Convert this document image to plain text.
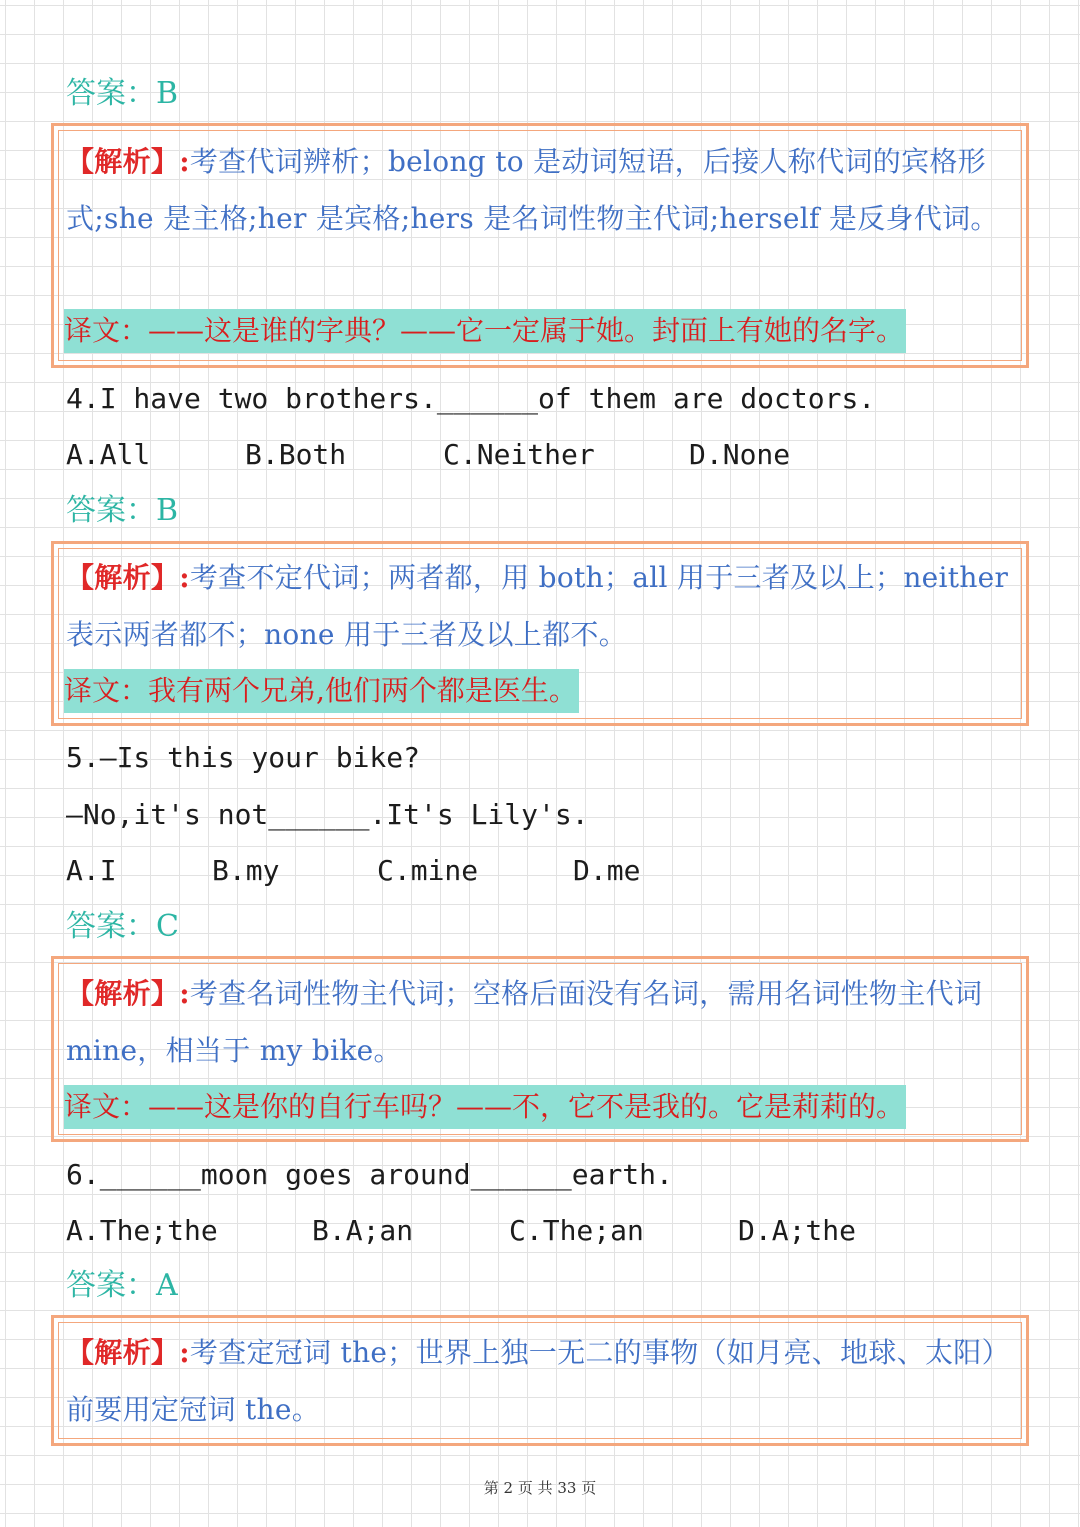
答案：B
【解析】:考查代词辨析；belong to 是动词短语，后接人称代词的宾格形式;she 是主格;her 是宾格;hers 是名词性物主代词;herself 是反身代词。
译文：——这是谁的字典？——它一定属于她。封面上有她的名字。
4.I have two brothers.______of them are doctors.
A.All	B.Both	C.Neither	D.None
答案：B
【解析】:考查不定代词；两者都，用 both；all 用于三者及以上；neither 表示两者都不；none 用于三者及以上都不。
译文：我有两个兄弟,他们两个都是医生。
5.—Is this your bike?
—No,it's not______.It's Lily's.
A.I	B.my	C.mine	D.me
答案：C
【解析】:考查名词性物主代词；空格后面没有名词，需用名词性物主代词 mine，相当于 my bike。
译文：——这是你的自行车吗？——不，它不是我的。它是莉莉的。
6.______moon goes around______earth.
A.The;the	B.A;an	C.The;an	D.A;the
答案：A
【解析】:考查定冠词 the；世界上独一无二的事物（如月亮、地球、太阳）前要用定冠词 the。
第 2 页 共 33 页
